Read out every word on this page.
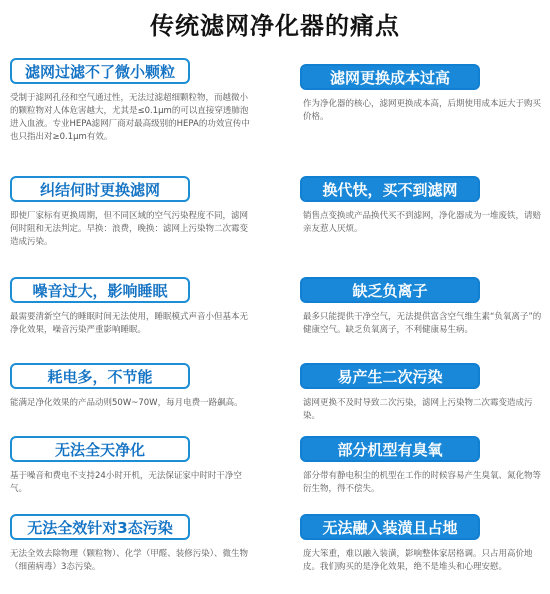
传统滤网净化器的痛点
滤网过滤不了微小颗粒
受制于滤网孔径和空气通过性，无法过滤超细颗粒物，而越微小的颗粒物对人体危害越大，尤其是≤0.1μm的可以直接穿透肺泡进入血液。专业HEPA滤网厂商对最高级别的HEPA的功效宣传中也只指出对≥0.1μm有效。
纠结何时更换滤网
即使厂家标有更换周期，但不同区域的空气污染程度不同，滤网何时阻和无法判定。早换：浪费，晚换：滤网上污染物二次霉变造成污染。
噪音过大，影响睡眠
最需要清新空气的睡眠时间无法使用，睡眠模式声音小但基本无净化效果，噪音污染严重影响睡眠。
耗电多，不节能
能满足净化效果的产品动则50W~70W，每月电费一路飙高。
无法全天净化
基于噪音和费电不支持24小时开机，无法保证家中时时干净空气。
无法全效针对3态污染
无法全效去除物理（颗粒物）、化学（甲醛、装修污染）、微生物（细菌病毒）3态污染。
滤网更换成本过高
作为净化器的核心，滤网更换成本高，后期使用成本远大于购买价格。
换代快，买不到滤网
销售点变换或产品换代买不到滤网，净化器成为一堆废铁，请赔亲友惹人厌烦。
缺乏负离子
最多只能提供干净空气，无法提供富含空气维生素“负氧离子”的健康空气。缺乏负氧离子，不利健康易生病。
易产生二次污染
滤网更换不及时导致二次污染，滤网上污染物二次霉变造成污染。
部分机型有臭氧
部分带有静电积尘的机型在工作的时候容易产生臭氧、氮化物等衍生物，得不偿失。
无法融入装潢且占地
庞大笨重，难以融入装潢，影响整体家居格调。只占用高价地皮。我们购买的是净化效果，绝不是堆头和心理安慰。
